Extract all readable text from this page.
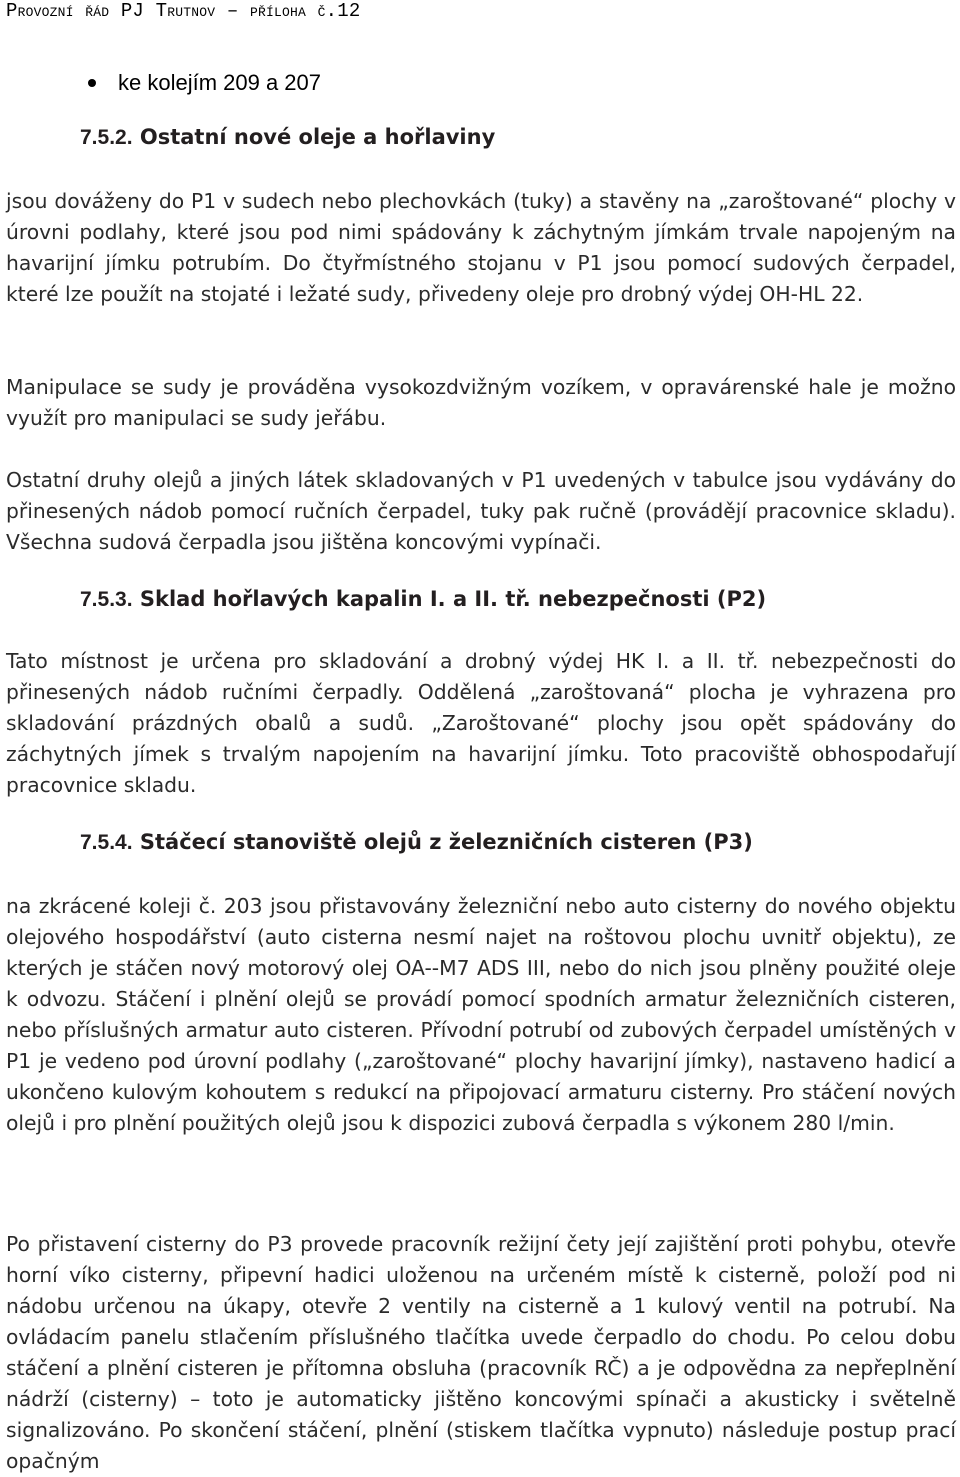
Provozní řád PJ Trutnov – příloha č.12
ke kolejím 209 a 207
7.5.2. Ostatní nové oleje a hořlaviny

jsou dováženy do P1 v sudech nebo plechovkách (tuky) a stavěny na „zaroštované“ plochy v úrovni podlahy, které jsou pod nimi spádovány k záchytným jímkám trvale napojeným na havarijní jímku potrubím. Do čtyřmístného stojanu v P1 jsou pomocí sudových čerpadel, které lze použít na stojaté i ležaté sudy, přivedeny oleje pro drobný výdej OH-HL 22.

Manipulace se sudy je prováděna vysokozdvižným vozíkem, v opravárenské hale je možno využít pro manipulaci se sudy jeřábu.

Ostatní druhy olejů a jiných látek skladovaných v P1 uvedených v tabulce jsou vydávány do přinesených nádob pomocí ručních čerpadel, tuky pak ručně (provádějí pracovnice skladu). Všechna sudová čerpadla jsou jištěna koncovými vypínači.

7.5.3. Sklad hořlavých kapalin I. a II. tř. nebezpečnosti (P2)

Tato místnost je určena pro skladování a drobný výdej HK I. a II. tř. nebezpečnosti do přinesených nádob ručními čerpadly. Oddělená „zaroštovaná“ plocha je vyhrazena pro skladování prázdných obalů a sudů. „Zaroštované“ plochy jsou opět spádovány do záchytných jímek s trvalým napojením na havarijní jímku. Toto pracoviště obhospodařují pracovnice skladu.

7.5.4. Stáčecí stanoviště olejů z železničních cisteren (P3)

na zkrácené koleji č. 203 jsou přistavovány železniční nebo auto cisterny do nového objektu olejového hospodářství (auto cisterna nesmí najet na roštovou plochu uvnitř objektu), ze kterých je stáčen nový motorový olej OA--M7 ADS III, nebo do nich jsou plněny použité oleje k odvozu. Stáčení i plnění olejů se provádí pomocí spodních armatur železničních cisteren, nebo příslušných armatur auto cisteren. Přívodní potrubí od zubových čerpadel umístěných v P1 je vedeno pod úrovní podlahy („zaroštované“ plochy havarijní jímky), nastaveno hadicí a ukončeno kulovým kohoutem s redukcí na připojovací armaturu cisterny. Pro stáčení nových olejů i pro plnění použitých olejů jsou k dispozici zubová čerpadla s výkonem 280 l/min.

Po přistavení cisterny do P3 provede pracovník režijní čety její zajištění proti pohybu, otevře horní víko cisterny, připevní hadici uloženou na určeném místě k cisterně, položí pod ni nádobu určenou na úkapy, otevře 2 ventily na cisterně a 1 kulový ventil na potrubí. Na ovládacím panelu stlačením příslušného tlačítka uvede čerpadlo do chodu. Po celou dobu stáčení a plnění cisteren je přítomna obsluha (pracovník RČ) a je odpovědna za nepřeplnění nádrží (cisterny) – toto je automaticky jištěno koncovými spínači a akusticky i světelně signalizováno. Po skončení stáčení, plnění (stiskem tlačítka vypnuto) následuje postup prací opačným
